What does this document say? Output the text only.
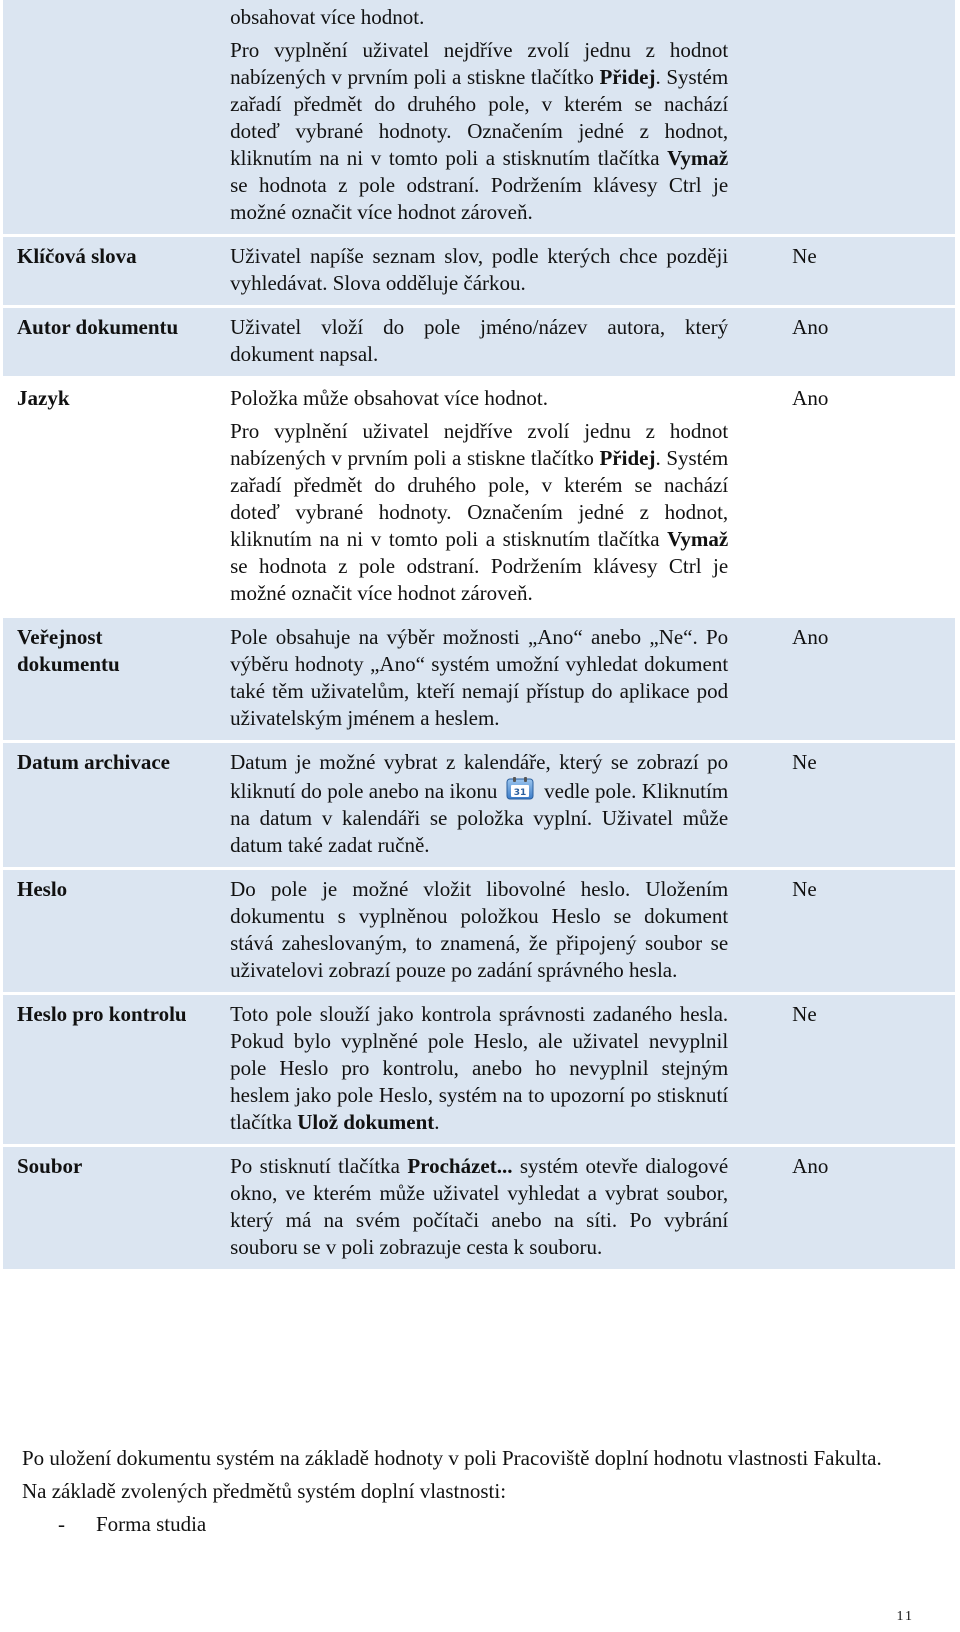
	obsahovat více hodnot.

Pro vyplnění uživatel nejdříve zvolí jednu z hodnot nabízených v prvním poli a stiskne tlačítko Přidej. Systém zařadí předmět do druhého pole, v kterém se nachází doteď vybrané hodnoty. Označením jedné z hodnot, kliknutím na ni v tomto poli a stisknutím tlačítka Vymaž se hodnota z pole odstraní. Podržením klávesy Ctrl je možné označit více hodnot zároveň.	

Klíčová slova	Uživatel napíše seznam slov, podle kterých chce později vyhledávat. Slova odděluje čárkou.	Ne
Autor dokumentu	Uživatel vloží do pole jméno/název autora, který dokument napsal.	Ano
Jazyk	Položka může obsahovat více hodnot.

Pro vyplnění uživatel nejdříve zvolí jednu z hodnot nabízených v prvním poli a stiskne tlačítko Přidej. Systém zařadí předmět do druhého pole, v kterém se nachází doteď vybrané hodnoty. Označením jedné z hodnot, kliknutím na ni v tomto poli a stisknutím tlačítka Vymaž se hodnota z pole odstraní. Podržením klávesy Ctrl je možné označit více hodnot zároveň.	Ano
Veřejnost dokumentu	Pole obsahuje na výběr možnosti „Ano“ anebo „Ne“. Po výběru hodnoty „Ano“ systém umožní vyhledat dokument také těm uživatelům, kteří nemají přístup do aplikace pod uživatelským jménem a heslem.	Ano
Datum archivace	Datum je možné vybrat z kalendáře, který se zobrazí po kliknutí do pole anebo na ikonu 31 vedle pole. Kliknutím na datum v kalendáři se položka vyplní. Uživatel může datum také zadat ručně.	Ne
Heslo	Do pole je možné vložit libovolné heslo. Uložením dokumentu s vyplněnou položkou Heslo se dokument stává zaheslovaným, to znamená, že připojený soubor se uživatelovi zobrazí pouze po zadání správného hesla.	Ne
Heslo pro kontrolu	Toto pole slouží jako kontrola správnosti zadaného hesla. Pokud bylo vyplněné pole Heslo, ale uživatel nevyplnil pole Heslo pro kontrolu, anebo ho nevyplnil stejným heslem jako pole Heslo, systém na to upozorní po stisknutí tlačítka Ulož dokument.	Ne
Soubor	Po stisknutí tlačítka Procházet... systém otevře dialogové okno, ve kterém může uživatel vyhledat a vybrat soubor, který má na svém počítači anebo na síti. Po vybrání souboru se v poli zobrazuje cesta k souboru.	Ano

Po uložení dokumentu systém na základě hodnoty v poli Pracoviště doplní hodnotu vlastnosti Fakulta.

Na základě zvolených předmětů systém doplní vlastnosti:

-	Forma studia
11
